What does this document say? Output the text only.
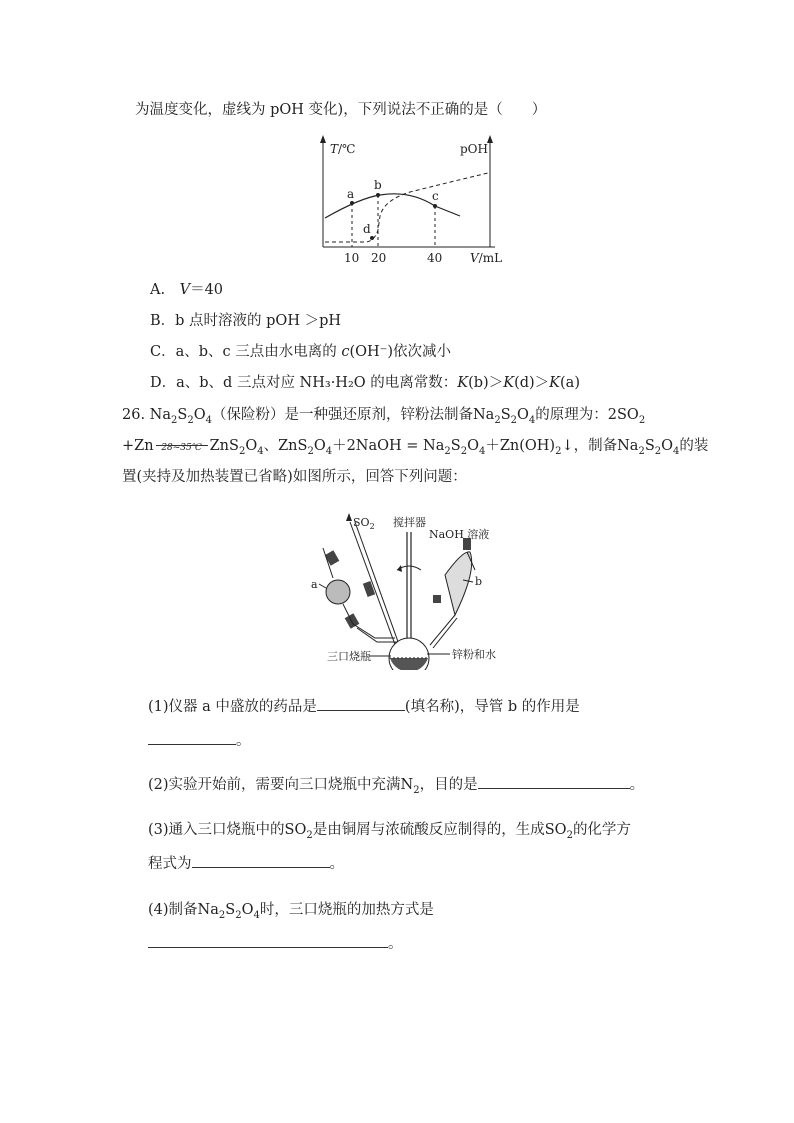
为温度变化，虚线为 pOH 变化)，下列说法不正确的是（　　）
T/℃	pOH
a
b
c
d
10 20	40 V/mL
A.　V＝40
B．b 点时溶液的 pOH ＞pH
C．a、b、c 三点由水电离的 c(OH⁻)依次减小
D．a、b、d 三点对应 NH₃·H₂O 的电离常数：K(b)＞K(d)＞K(a)
26. $Na_2S_2O_4$（保险粉）是一种强还原剂，锌粉法制备$Na_2S_2O_4$的原理为：$2SO_2$
+Zn 28~35℃ $ZnS_2O_4$、$ZnS_2O_4+2NaOH$ = $Na_2S_2O_4+Zn(OH)_2↓$，制备$Na_2S_2O_4$的装
置(夹持及加热装置已省略)如图所示，回答下列问题：
$SO_2$ 搅拌器
a
NaOH 溶液
b
三口烧瓶	锌粉和水
(1)仪器 a 中盛放的药品是	(填名称)，导管 b 的作用是
。
(2)实验开始前，需要向三口烧瓶中充满$N_2$，目的是	。
(3)通入三口烧瓶中的$SO_2$是由铜屑与浓硫酸反应制得的，生成$SO_2$的化学方
程式为	。
(4)制备$Na_2S_2O_4$时，三口烧瓶的加热方式是
。
